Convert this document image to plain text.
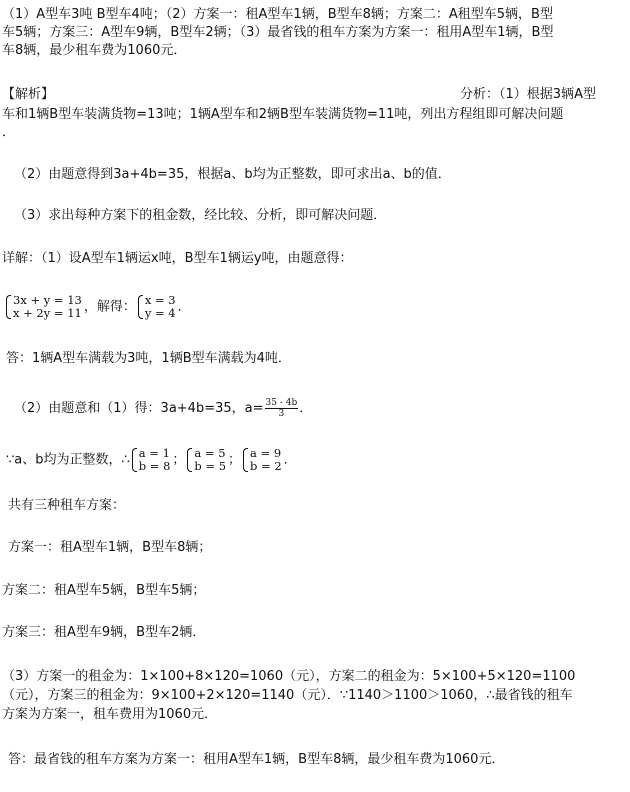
（1）A型车3吨 B型车4吨；（2）方案一：租A型车1辆，B型车8辆；方案二：A租型车5辆，B型
车5辆；方案三：A型车9辆，B型车2辆；（3）最省钱的租车方案为方案一：租用A型车1辆，B型
车8辆，最少租车费为1060元．
【解析】	分析：（1）根据3辆A型
车和1辆B型车装满货物=13吨；1辆A型车和2辆B型车装满货物=11吨，列出方程组即可解决问题
．
（2）由题意得到3a+4b=35，根据a、b均为正整数，即可求出a、b的值．
（3）求出每种方案下的租金数，经比较、分析，即可解决问题．
详解：（1）设A型车1辆运x吨，B型车1辆运y吨，由题意得：
3x + y = 13
x + 2y = 11 ，解得： x = 3
y = 4 ．
答：1辆A型车满载为3吨，1辆B型车满载为4吨．
（2）由题意和（1）得：3a+4b=35，$a= \frac{35 - 4b}{3}$ ．
∵a、b均为正整数，∴ a = 1
b = 8 ； a = 5
b = 5 ； a = 9
b = 2 ．
共有三种租车方案：
方案一：租A型车1辆，B型车8辆；
方案二：租A型车5辆，B型车5辆；
方案三：租A型车9辆，B型车2辆．
（3）方案一的租金为：1×100+8×120=1060（元），方案二的租金为：5×100+5×120=1100
（元），方案三的租金为：9×100+2×120=1140（元）．∵1140＞1100＞1060，∴最省钱的租车
方案为方案一，租车费用为1060元．
答：最省钱的租车方案为方案一：租用A型车1辆，B型车8辆，最少租车费为1060元．
